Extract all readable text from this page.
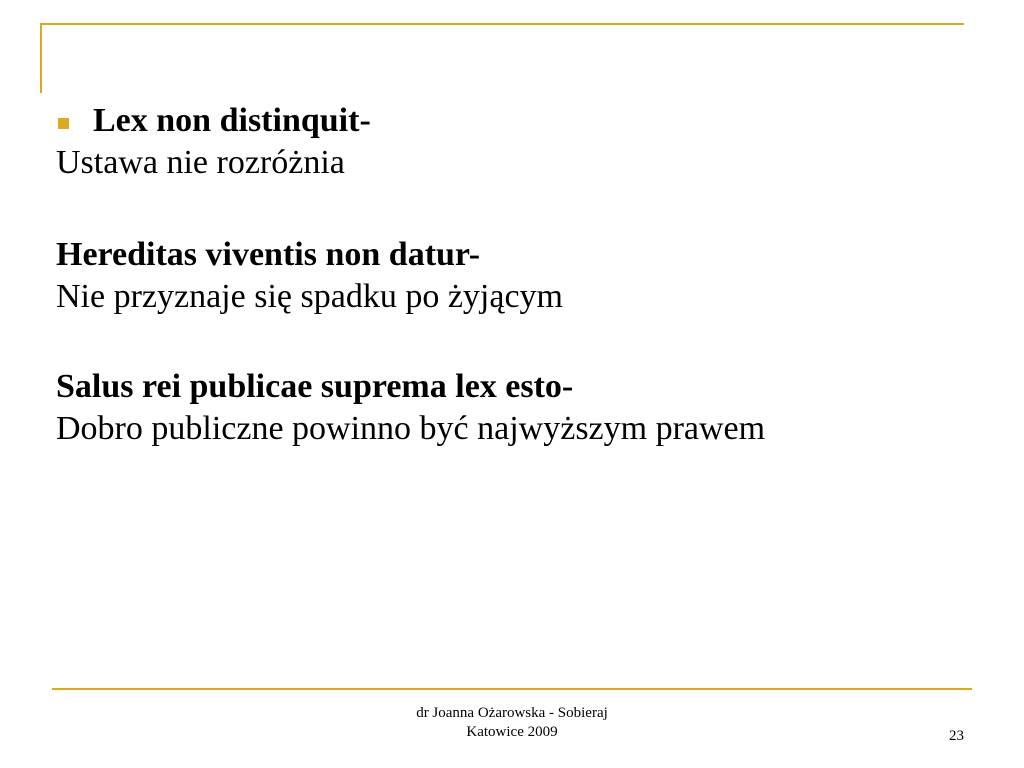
Lex non distinquit-
Ustawa nie rozróżnia
Hereditas viventis non datur-
Nie przyznaje się spadku po żyjącym
Salus rei publicae suprema lex esto-
Dobro publiczne powinno być najwyższym prawem
dr Joanna Ożarowska - Sobieraj
Katowice 2009	23
